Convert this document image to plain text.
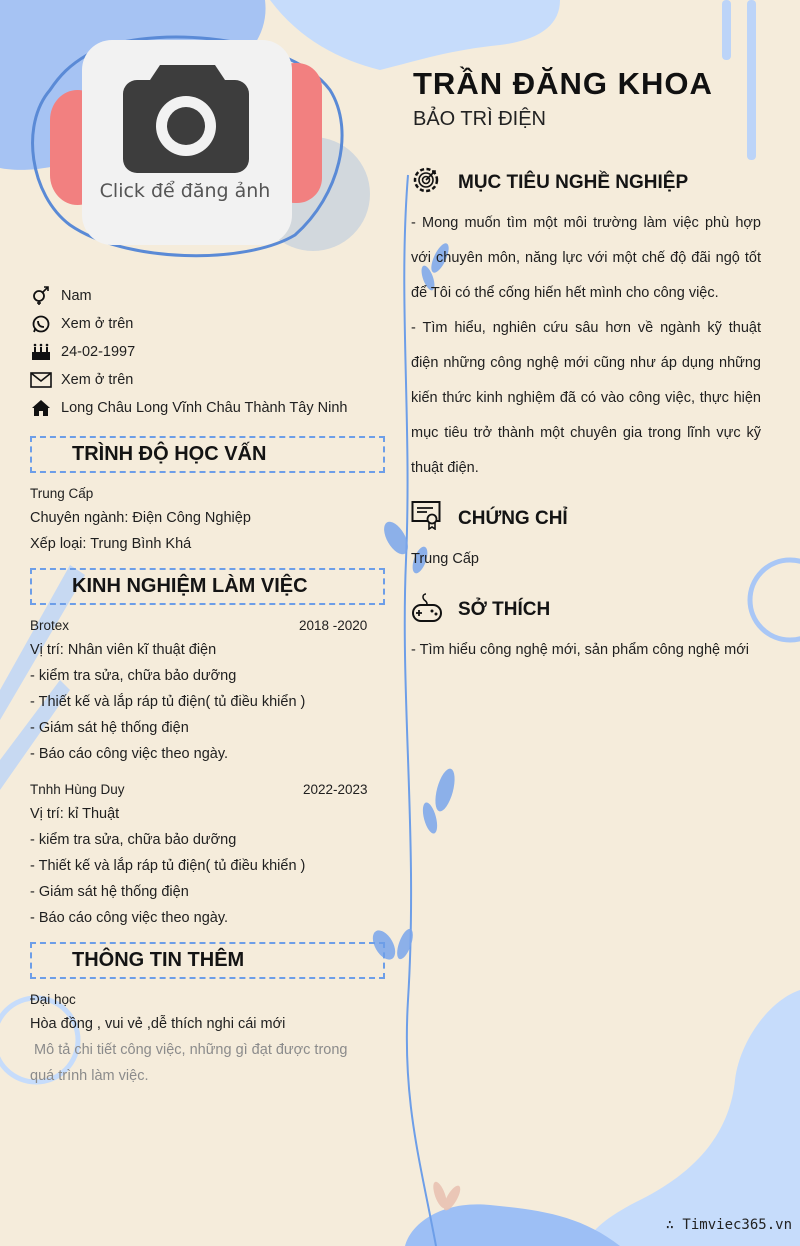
Click để đăng ảnh
TRẦN ĐĂNG KHOA
BẢO TRÌ ĐIỆN
Nam
Xem ở trên
24-02-1997
Xem ở trên
Long Châu Long Vĩnh Châu Thành Tây Ninh
TRÌNH ĐỘ HỌC VẤN
Trung Cấp
Chuyên ngành: Điện Công Nghiệp
Xếp loại: Trung Bình Khá
KINH NGHIỆM LÀM VIỆC
Brotex	2018 -2020
Vị trí: Nhân viên kĩ thuật điện
- kiểm tra sửa, chữa bảo dưỡng
- Thiết kế và lắp ráp tủ điện( tủ điều khiển )
- Giám sát hệ thống điện
- Báo cáo công việc theo ngày.
Tnhh Hùng Duy	2022-2023
Vị trí: kỉ Thuật
- kiểm tra sửa, chữa bảo dưỡng
- Thiết kế và lắp ráp tủ điện( tủ điều khiển )
- Giám sát hệ thống điện
- Báo cáo công việc theo ngày.
THÔNG TIN THÊM
Đại học
Hòa đồng , vui vẻ ,dễ thích nghi cái mới
Mô tả chi tiết công việc, những gì đạt được trong
quá trình làm việc.
MỤC TIÊU NGHỀ NGHIỆP
- Mong muốn tìm một môi trường làm việc phù hợp với chuyên môn, năng lực với một chế độ đãi ngộ tốt để Tôi có thể cống hiến hết mình cho công việc.
- Tìm hiểu, nghiên cứu sâu hơn về ngành kỹ thuật điện những công nghệ mới cũng như áp dụng những kiến thức kinh nghiệm đã có vào công việc, thực hiện mục tiêu trở thành một chuyên gia trong lĩnh vực kỹ thuật điện.
CHỨNG CHỈ
Trung Cấp
SỞ THÍCH
- Tìm hiểu công nghệ mới, sản phẩm công nghệ mới
∴ Timviec365.vn
